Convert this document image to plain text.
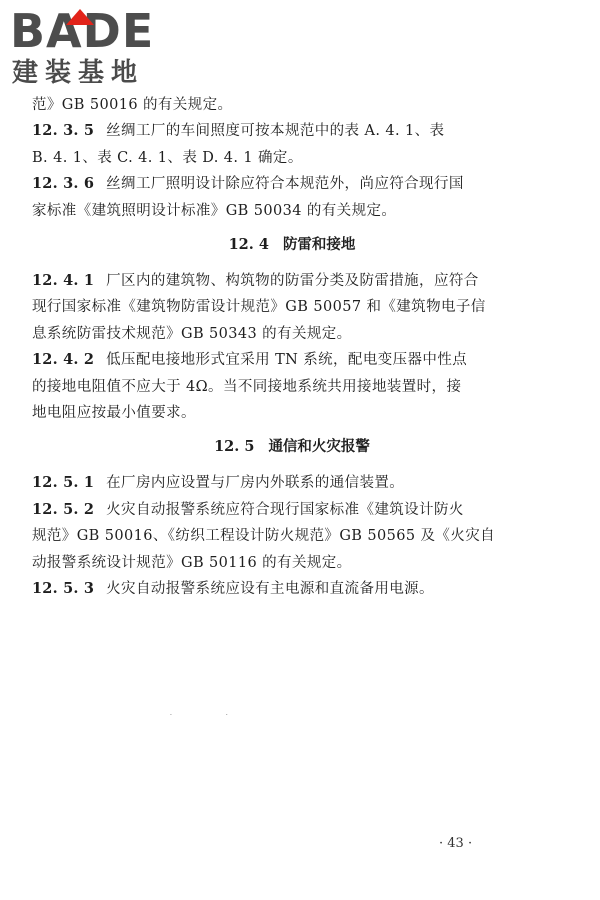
BADE
建装基地
范》GB 50016 的有关规定。
12. 3. 5 丝绸工厂的车间照度可按本规范中的表 A. 4. 1、表
B. 4. 1、表 C. 4. 1、表 D. 4. 1 确定。
12. 3. 6 丝绸工厂照明设计除应符合本规范外，尚应符合现行国
家标准《建筑照明设计标准》GB 50034 的有关规定。
12. 4 防雷和接地
12. 4. 1 厂区内的建筑物、构筑物的防雷分类及防雷措施，应符合
现行国家标准《建筑物防雷设计规范》GB 50057 和《建筑物电子信
息系统防雷技术规范》GB 50343 的有关规定。
12. 4. 2 低压配电接地形式宜采用 TN 系统，配电变压器中性点
的接地电阻值不应大于 4Ω。当不同接地系统共用接地装置时，接
地电阻应按最小值要求。
12. 5 通信和火灾报警
12. 5. 1 在厂房内应设置与厂房内外联系的通信装置。
12. 5. 2 火灾自动报警系统应符合现行国家标准《建筑设计防火
规范》GB 50016、《纺织工程设计防火规范》GB 50565 及《火灾自
动报警系统设计规范》GB 50116 的有关规定。
12. 5. 3 火灾自动报警系统应设有主电源和直流备用电源。
··
· 43 ·
